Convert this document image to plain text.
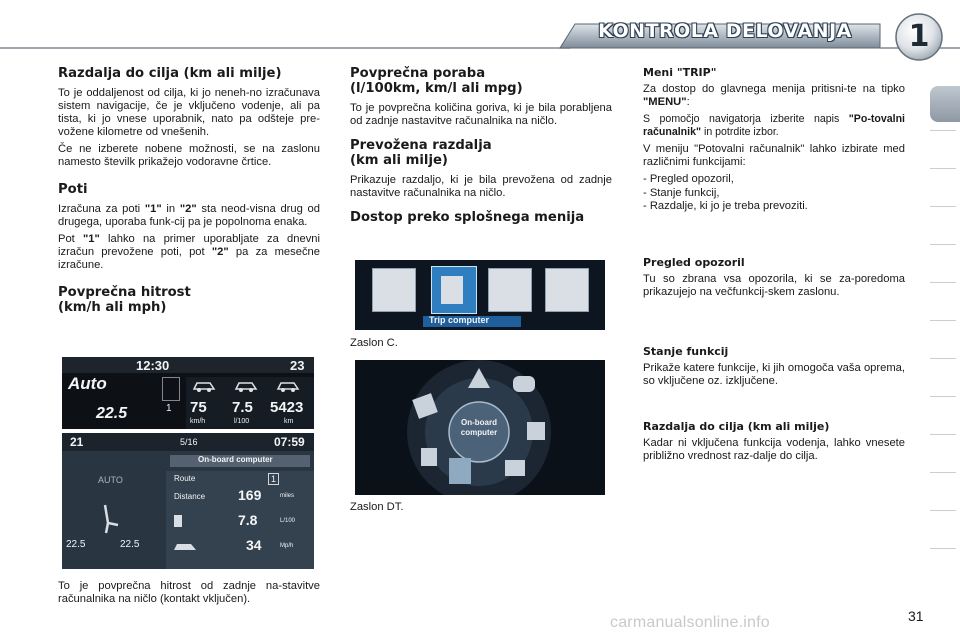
KONTROLA DELOVANJA	1
Razdalja do cilja (km ali milje)

To je oddaljenost od cilja, ki jo neneh-no izračunava sistem navigacije, če je vključeno vodenje, ali pa tista, ki jo vnese uporabnik, nato pa odšteje pre-vožene kilometre od vnešenih.

Če ne izberete nobene možnosti, se na zaslonu namesto številk prikažejo vodoravne črtice.

Poti

Izračuna za poti "1" in "2" sta neod-visna drug od drugega, uporaba funk-cij pa je popolnoma enaka.

Pot "1" lahko na primer uporabljate za dnevni izračun prevožene poti, pot "2" pa za mesečne izračune.

Povprečna hitrost (km/h ali mph)
To je povprečna hitrost od zadnje na-stavitve računalnika na ničlo (kontakt vključen).
Auto
12:30	23
22.5	1 75
km/h
7.5
l/100
5423
km
21	5/16	07:59
On-board computer
AUTO
22.5	22.5
Route	1
Distance 169	miles
7.8	L/100
34	Mp/h
Povprečna poraba (l/100km, km/l ali mpg)

To je povprečna količina goriva, ki je bila porabljena od zadnje nastavitve računalnika na ničlo.

Prevožena razdalja (km ali milje)

Prikazuje razdaljo, ki je bila prevožena od zadnje nastavitve računalnika na ničlo.

Dostop preko splošnega menija
Trip computer
Zaslon C.
On-board
computer
Zaslon DT.
Meni "TRIP"

Za dostop do glavnega menija pritisni-te na tipko "MENU":

S pomočjo navigatorja izberite napis "Po-tovalni računalnik" in potrdite izbor.

V meniju "Potovalni računalnik" lahko izbirate med različnimi funkcijami:

- Pregled opozoril,
- Stanje funkcij,
- Razdalje, ki jo je treba prevoziti.
Pregled opozoril

Tu so zbrana vsa opozorila, ki se za-poredoma prikazujejo na večfunkcij-skem zaslonu.

Stanje funkcij

Prikaže katere funkcije, ki jih omogoča vaša oprema, so vključene oz. izključene.

Razdalja do cilja (km ali milje)

Kadar ni vključena funkcija vodenja, lahko vnesete približno vrednost raz-dalje do cilja.

carmanualsonline.info	31
